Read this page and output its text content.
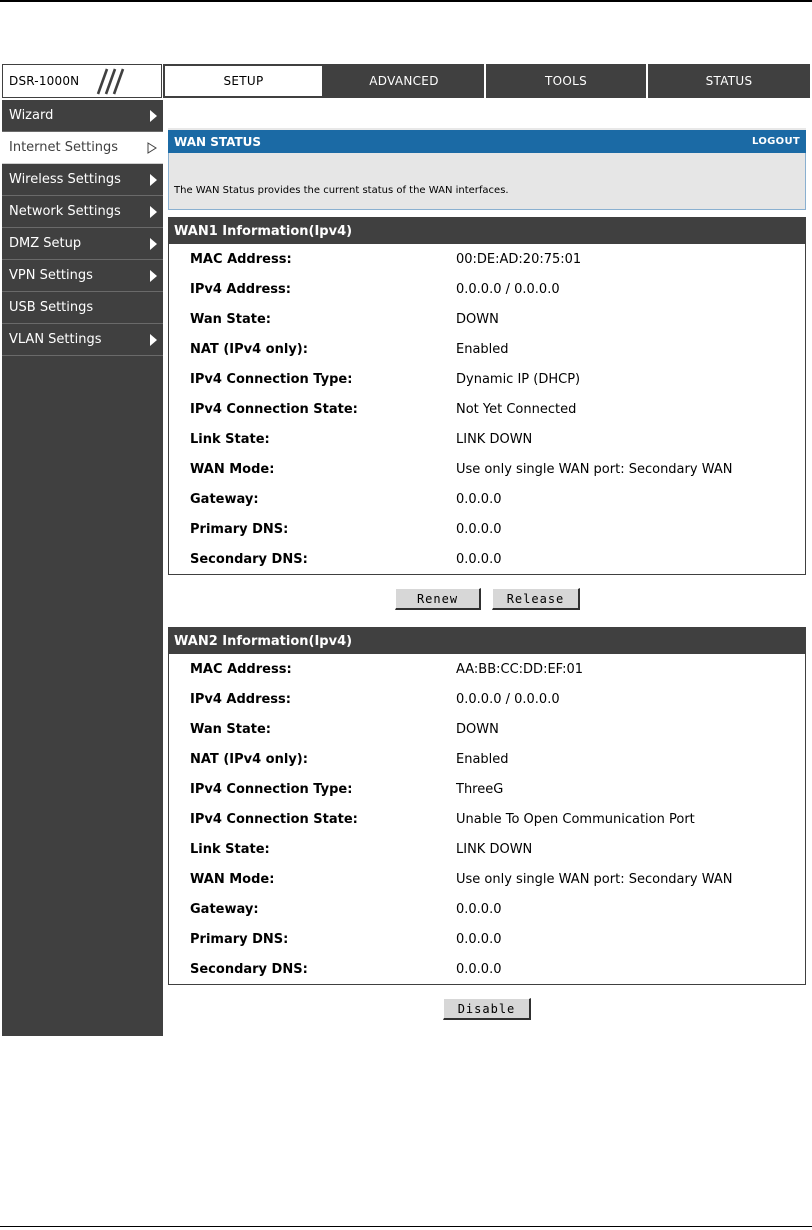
DSR-1000N	SETUP	ADVANCED	TOOLS	STATUS
Wizard
Internet Settings
Wireless Settings
Network Settings
DMZ Setup
VPN Settings
USB Settings
VLAN Settings
WAN STATUS	LOGOUT
The WAN Status provides the current status of the WAN interfaces.
WAN1 Information(Ipv4)
MAC Address:	00:DE:AD:20:75:01
IPv4 Address:	0.0.0.0 / 0.0.0.0
Wan State:	DOWN
NAT (IPv4 only):	Enabled
IPv4 Connection Type:	Dynamic IP (DHCP)
IPv4 Connection State:	Not Yet Connected
Link State:	LINK DOWN
WAN Mode:	Use only single WAN port: Secondary WAN
Gateway:	0.0.0.0
Primary DNS:	0.0.0.0
Secondary DNS:	0.0.0.0
Renew	Release
WAN2 Information(Ipv4)
MAC Address:	AA:BB:CC:DD:EF:01
IPv4 Address:	0.0.0.0 / 0.0.0.0
Wan State:	DOWN
NAT (IPv4 only):	Enabled
IPv4 Connection Type:	ThreeG
IPv4 Connection State:	Unable To Open Communication Port
Link State:	LINK DOWN
WAN Mode:	Use only single WAN port: Secondary WAN
Gateway:	0.0.0.0
Primary DNS:	0.0.0.0
Secondary DNS:	0.0.0.0
Disable
